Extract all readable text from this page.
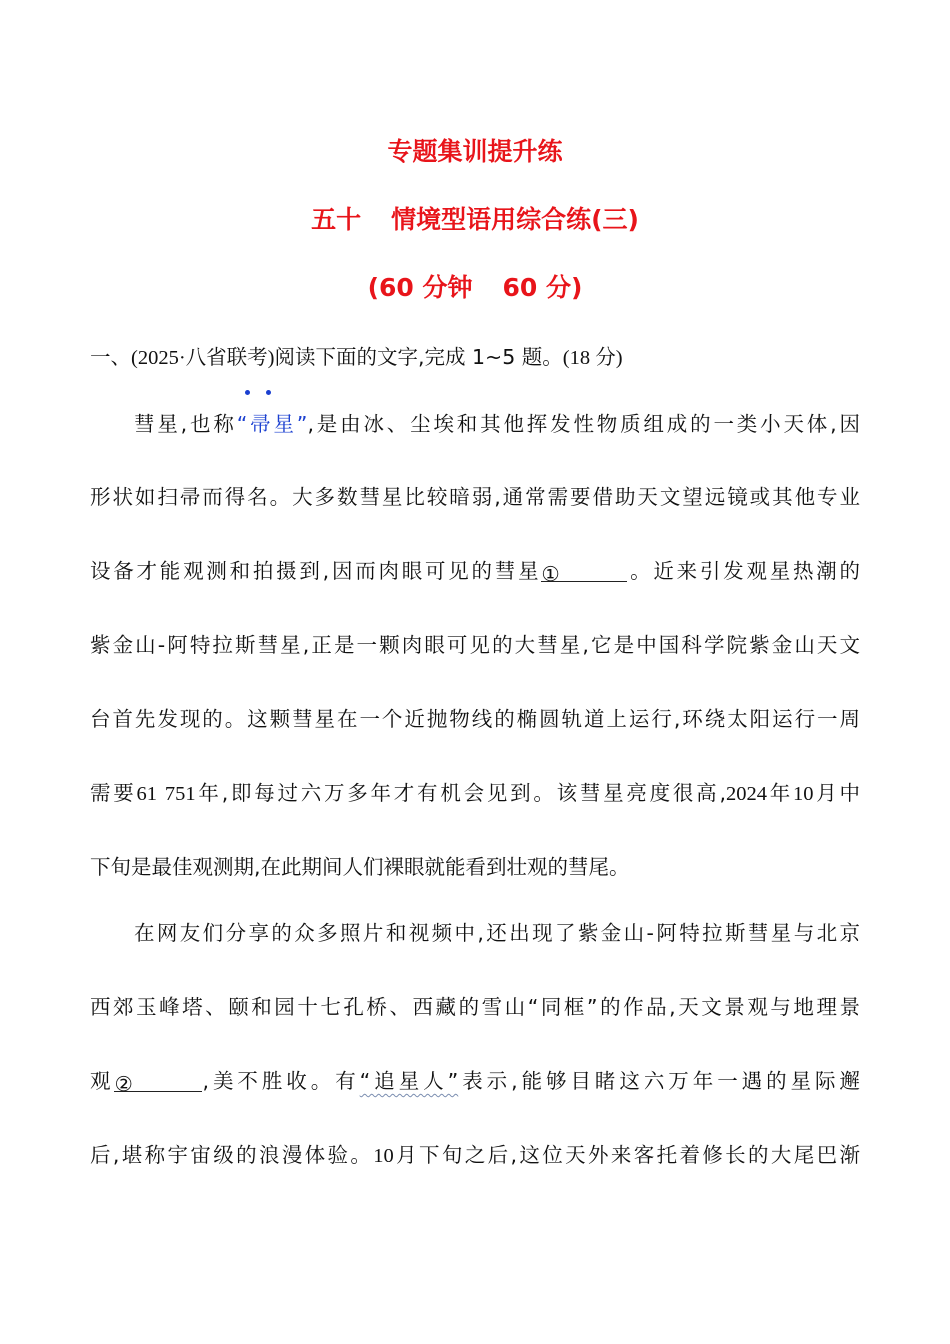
专题集训提升练
五十 情境型语用综合练(三)
(60 分钟 60 分)
一、(2025·八省联考)阅读下面的文字,完成 1~5 题。(18 分)
彗星,也称
“帚星”,是由冰、尘埃和其他挥发性物质组成的一类小天体,因
形状如扫帚而得名。大多数彗星比较暗弱,通常需要借助天文望远镜或其他专业
设备才能观测和拍摄到,因而肉眼可见的彗星①	。近来引发观星热潮的
紫金山-阿特拉斯彗星,正是一颗肉眼可见的大彗星,它是中国科学院紫金山天文
台首先发现的。这颗彗星在一个近抛物线的椭圆轨道上运行,环绕太阳运行一周
需要61 751年,即每过六万多年才有机会见到。该彗星亮度很高,2024年10月中
下旬是最佳观测期,在此期间人们裸眼就能看到壮观的彗尾。
在网友们分享的众多照片和视频中,还出现了紫金山-阿特拉斯彗星与北京
西郊玉峰塔、颐和园十七孔桥、西藏的雪山“同框”的作品,天文景观与地理景
观②	,美不胜收。有“追星人”表示,能够目睹这六万年一遇的星际邂
后,堪称宇宙级的浪漫体验。10月下旬之后,这位天外来客托着修长的大尾巴渐
